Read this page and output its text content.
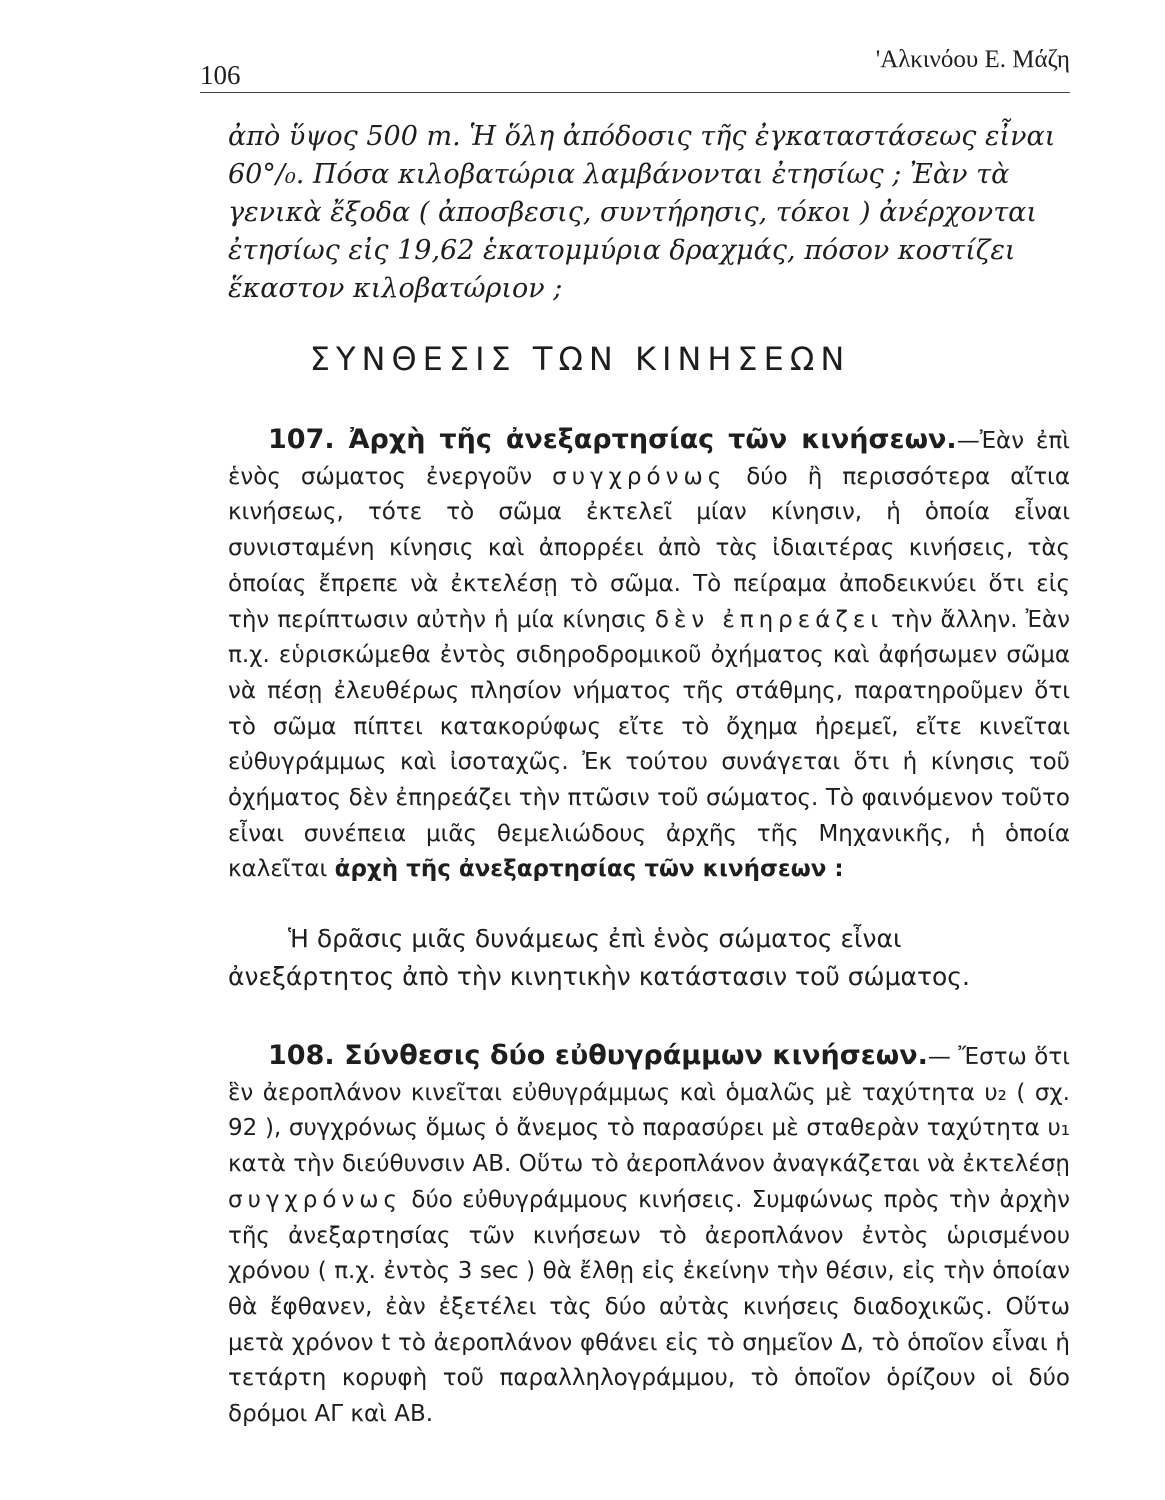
106
'Αλκινόου Ε. Μάζη

ἀπὸ ὕψος 500 m. Ἡ ὅλη ἀπόδοσις τῆς ἐγκαταστάσεως εἶναι 60°/₀. Πόσα κιλοβατώρια λαμβάνονται ἐτησίως ; Ἐὰν τὰ γενικὰ ἔξοδα ( ἀποσβεσις, συντήρησις, τόκοι ) ἀνέρχονται ἐτησίως εἰς 19,62 ἑκατομμύρια δραχμάς, πόσον κοστίζει ἕκαστον κιλοβατώριον ;

ΣΥΝΘΕΣΙΣ ΤΩΝ ΚΙΝΗΣΕΩΝ

107. Ἀρχὴ τῆς ἀνεξαρτησίας τῶν κινήσεων.—Ἐὰν ἐπὶ ἑνὸς σώματος ἐνεργοῦν συγχρόνως δύο ἢ περισσότερα αἴτια κινήσεως, τότε τὸ σῶμα ἐκτελεῖ μίαν κίνησιν, ἡ ὁποία εἶναι συνισταμένη κίνησις καὶ ἀπορρέει ἀπὸ τὰς ἰδιαιτέρας κινήσεις, τὰς ὁποίας ἔπρεπε νὰ ἐκτελέσῃ τὸ σῶμα. Τὸ πείραμα ἀποδεικνύει ὅτι εἰς τὴν περίπτωσιν αὐτὴν ἡ μία κίνησις δὲν ἐπηρεάζει τὴν ἄλλην. Ἐὰν π.χ. εὑρισκώμεθα ἐντὸς σιδηροδρομικοῦ ὀχήματος καὶ ἀφήσωμεν σῶμα νὰ πέσῃ ἐλευθέρως πλησίον νήματος τῆς στάθμης, παρατηροῦμεν ὅτι τὸ σῶμα πίπτει κατακορύφως εἴτε τὸ ὄχημα ἠρεμεῖ, εἴτε κινεῖται εὐθυγράμμως καὶ ἰσοταχῶς. Ἐκ τούτου συνάγεται ὅτι ἡ κίνησις τοῦ ὀχήματος δὲν ἐπηρεάζει τὴν πτῶσιν τοῦ σώματος. Τὸ φαινόμενον τοῦτο εἶναι συνέπεια μιᾶς θεμελιώδους ἀρχῆς τῆς Μηχανικῆς, ἡ ὁποία καλεῖται ἀρχὴ τῆς ἀνεξαρτησίας τῶν κινήσεων :

Ἡ δρᾶσις μιᾶς δυνάμεως ἐπὶ ἑνὸς σώματος εἶναι ἀνεξάρτητος ἀπὸ τὴν κινητικὴν κατάστασιν τοῦ σώματος.

108. Σύνθεσις δύο εὐθυγράμμων κινήσεων.— Ἔστω ὅτι ἓν ἀεροπλάνον κινεῖται εὐθυγράμμως καὶ ὁμαλῶς μὲ ταχύτητα υ₂ ( σχ. 92 ), συγχρόνως ὅμως ὁ ἄνεμος τὸ παρασύρει μὲ σταθερὰν ταχύτητα υ₁ κατὰ τὴν διεύθυνσιν ΑΒ. Οὕτω τὸ ἀεροπλάνον ἀναγκάζεται νὰ ἐκτελέσῃ συγχρόνως δύο εὐθυγράμμους κινήσεις. Συμφώνως πρὸς τὴν ἀρχὴν τῆς ἀνεξαρτησίας τῶν κινήσεων τὸ ἀεροπλάνον ἐντὸς ὡρισμένου χρόνου ( π.χ. ἐντὸς 3 sec ) θὰ ἔλθῃ εἰς ἐκείνην τὴν θέσιν, εἰς τὴν ὁποίαν θὰ ἔφθανεν, ἐὰν ἐξετέλει τὰς δύο αὐτὰς κινήσεις διαδοχικῶς. Οὕτω μετὰ χρόνον t τὸ ἀεροπλάνον φθάνει εἰς τὸ σημεῖον Δ, τὸ ὁποῖον εἶναι ἡ τετάρτη κορυφὴ τοῦ παραλληλογράμμου, τὸ ὁποῖον ὁρίζουν οἱ δύο δρόμοι ΑΓ καὶ ΑΒ.
